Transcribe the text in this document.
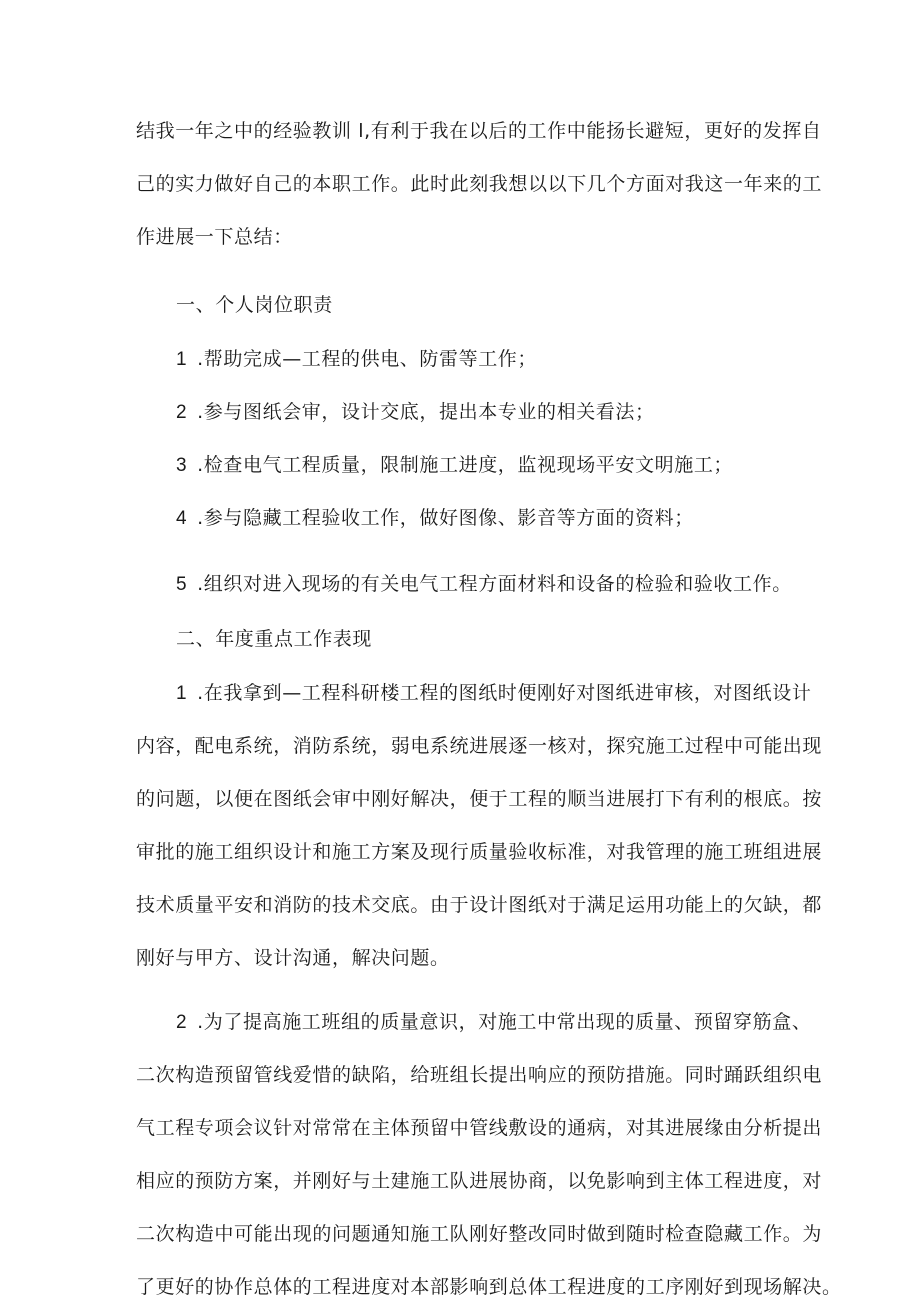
结我一年之中的经验教训 l,有利于我在以后的工作中能扬长避短，更好的发挥自
己的实力做好自己的本职工作。此时此刻我想以以下几个方面对我这一年来的工
作进展一下总结：
一、个人岗位职责
1 .帮助完成—工程的供电、防雷等工作；
2 .参与图纸会审，设计交底，提出本专业的相关看法；
3 .检查电气工程质量，限制施工进度，监视现场平安文明施工；
4 .参与隐藏工程验收工作，做好图像、影音等方面的资料；
5 .组织对进入现场的有关电气工程方面材料和设备的检验和验收工作。
二、年度重点工作表现
1 .在我拿到—工程科研楼工程的图纸时便刚好对图纸进审核，对图纸设计
内容，配电系统，消防系统，弱电系统进展逐一核对，探究施工过程中可能出现
的问题，以便在图纸会审中刚好解决，便于工程的顺当进展打下有利的根底。按
审批的施工组织设计和施工方案及现行质量验收标准，对我管理的施工班组进展
技术质量平安和消防的技术交底。由于设计图纸对于满足运用功能上的欠缺，都
刚好与甲方、设计沟通，解决问题。
2 .为了提高施工班组的质量意识，对施工中常出现的质量、预留穿筋盒、
二次构造预留管线爱惜的缺陷，给班组长提出响应的预防措施。同时踊跃组织电
气工程专项会议针对常常在主体预留中管线敷设的通病，对其进展缘由分析提出
相应的预防方案，并刚好与土建施工队进展协商，以免影响到主体工程进度，对
二次构造中可能出现的问题通知施工队刚好整改同时做到随时检查隐藏工作。为
了更好的协作总体的工程进度对本部影响到总体工程进度的工序刚好到现场解决。
